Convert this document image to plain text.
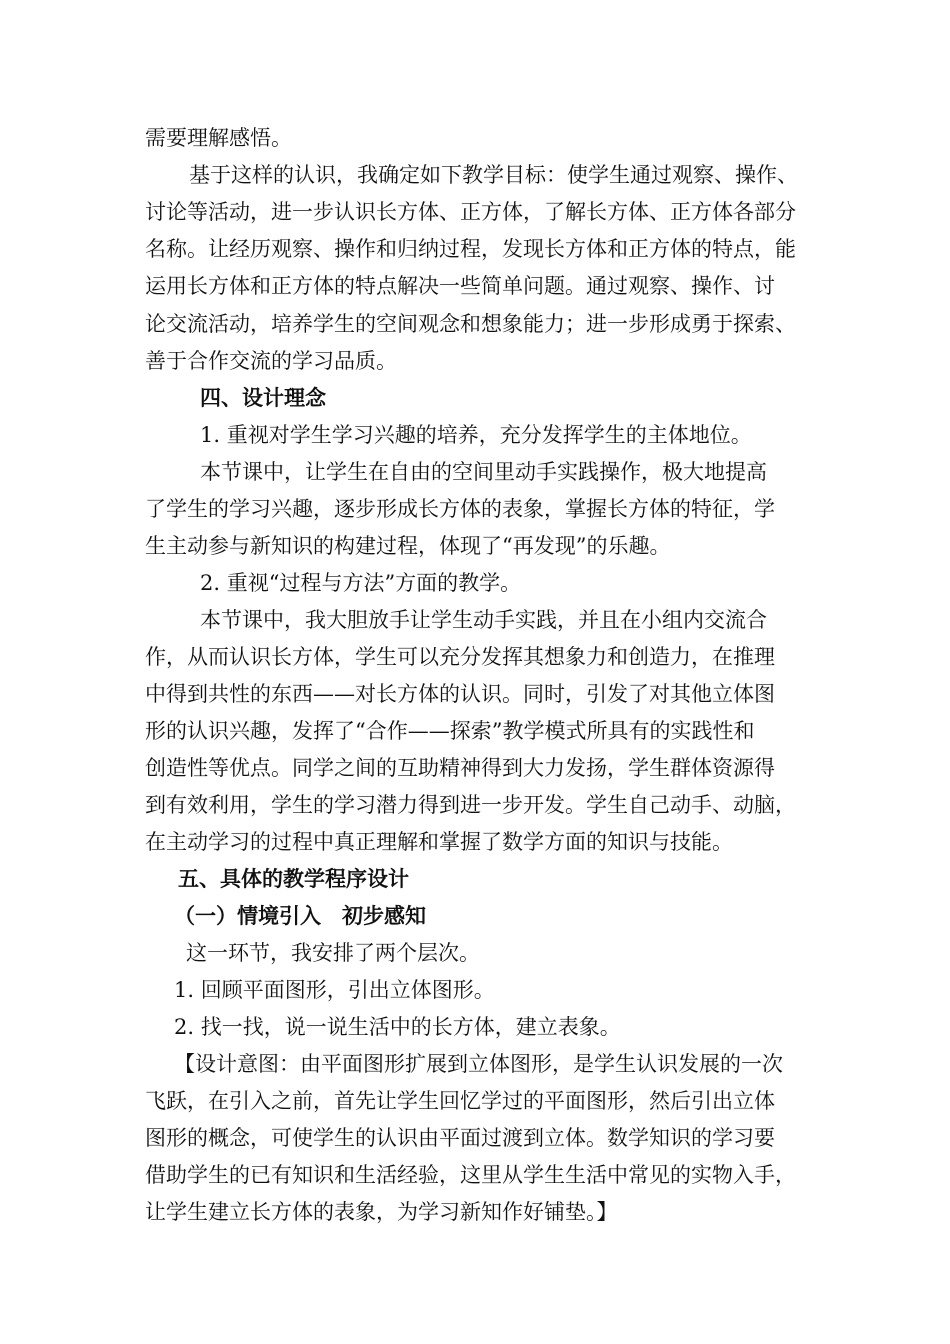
需要理解感悟。
基于这样的认识，我确定如下教学目标：使学生通过观察、操作、
讨论等活动，进一步认识长方体、正方体，了解长方体、正方体各部分
名称。让经历观察、操作和归纳过程，发现长方体和正方体的特点，能
运用长方体和正方体的特点解决一些简单问题。通过观察、操作、讨
论交流活动，培养学生的空间观念和想象能力；进一步形成勇于探索、
善于合作交流的学习品质。
四、设计理念
1. 重视对学生学习兴趣的培养，充分发挥学生的主体地位。
本节课中，让学生在自由的空间里动手实践操作，极大地提高
了学生的学习兴趣，逐步形成长方体的表象，掌握长方体的特征，学
生主动参与新知识的构建过程，体现了“再发现”的乐趣。
2. 重视“过程与方法”方面的教学。
本节课中，我大胆放手让学生动手实践，并且在小组内交流合
作，从而认识长方体，学生可以充分发挥其想象力和创造力，在推理
中得到共性的东西——对长方体的认识。同时，引发了对其他立体图
形的认识兴趣，发挥了“合作——探索”教学模式所具有的实践性和
创造性等优点。同学之间的互助精神得到大力发扬，学生群体资源得
到有效利用，学生的学习潜力得到进一步开发。学生自己动手、动脑，
在主动学习的过程中真正理解和掌握了数学方面的知识与技能。
五、具体的教学程序设计
（一）情境引入　初步感知
这一环节，我安排了两个层次。
1. 回顾平面图形，引出立体图形。
2. 找一找，说一说生活中的长方体，建立表象。
【设计意图：由平面图形扩展到立体图形，是学生认识发展的一次
飞跃，在引入之前，首先让学生回忆学过的平面图形，然后引出立体
图形的概念，可使学生的认识由平面过渡到立体。数学知识的学习要
借助学生的已有知识和生活经验，这里从学生生活中常见的实物入手，
让学生建立长方体的表象，为学习新知作好铺垫。】
